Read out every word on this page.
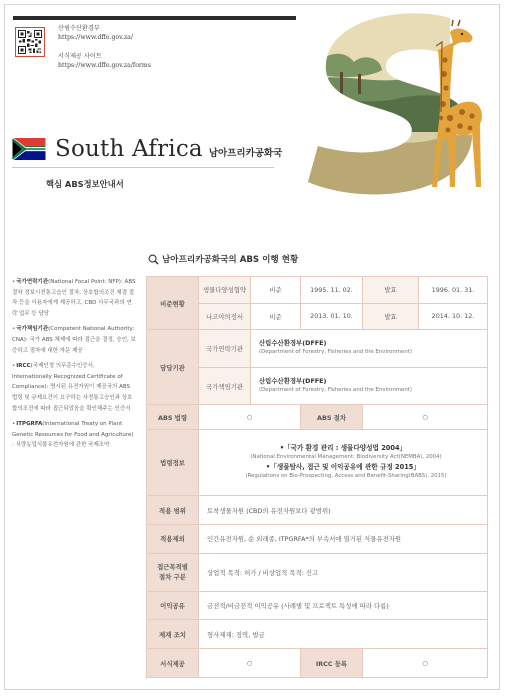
산림수산환경부
https://www.dffe.gov.za/
서식제공 사이트
https://www.dffe.gov.za/forms
South Africa 남아프리카공화국
핵심 ABS정보안내서
•국가연락기관(National Focal Point: NFP): ABS 절차 정보시전통고습인 절차, 상호합의조건 체결 절차 등을 이용자에게 제공하고, CBD 사무국과의 연락 업무 등 담당
•국가책임기관(Competent National Authority: CNA): 국가 ABS 체제에 따라 접근을 결정, 승인, 보증하고 절차에 대한 자문 제공
•IRCC(국제인정 의무준수인증서, Internationally Recognized Certificate of Compliance): 명시된 유전자원이 제공국의 ABS 법령 및 규제요건이 요구하는 사전통고승인과 상호합의조건에 따라 접근되었음을 확인해주는 인증서
•ITPGRFA(International Treaty on Plant Genetic Resources for Food and Agriculture) : 식량농업식물유전자원에 관한 국제조약
남아프리카공화국의 ABS 이행 현황
비준현황	생물다양성협약	비준	1995. 11. 02.	발효	1996. 01. 31.
	나고야의정서	비준	2013. 01. 10.	발효	2014. 10. 12.
담당기관	국가연락기관	산림수산환경부(DFFE)
(Department of Forestry, Fisheries and the Environment)			

	국가책임기관	산림수산환경부(DFFE)
(Department of Forestry, Fisheries and the Environment)			

ABS 법령	○		ABS 절차	○	
법령정보	•「국가 환경 관리 : 생물다양성법 2004」
(National Environmental Management: Biodiversity Act(NEMBA), 2004)
•「생물탐사, 접근 및 이익공유에 관한 규정 2015」
(Regulations on Bio-Prospecting, Access and Benefit-Sharing(BABS), 2015)				

적용 범위	토착생물자원 (CBD의 유전자원보다 광범위)				
적용제외	인간유전자원, 순 외래종, ITPGRFA*의 부속서에 열거된 식물유전자원				

접근목적별
절차 구분	상업적 목적: 허가 / 비상업적 목적: 신고				
이익공유	금전적/비금전적 이익공유 (사례별 및 프로젝트 특성에 따라 다름)				
제재 조치	형사제재: 징역, 벌금				
서식제공	○		IRCC 등록	○	
